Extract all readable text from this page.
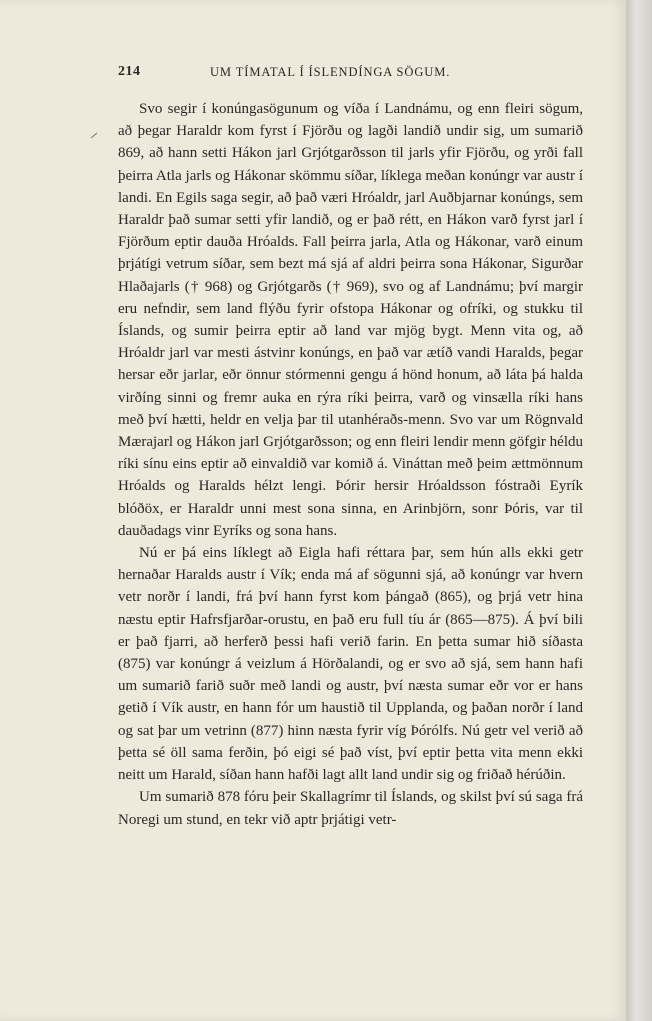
214	UM TÍMATAL Í ÍSLENDÍNGA SÖGUM.

Svo segir í konúngasögunum og víða í Landnámu, og enn fleiri sögum, að þegar Haraldr kom fyrst í Fjörðu og lagði landið undir sig, um sumarið 869, að hann setti Hákon jarl Grjótgarðsson til jarls yfir Fjörðu, og yrði fall þeirra Atla jarls og Hákonar skömmu síðar, líklega meðan konúngr var austr í landi. En Egils saga segir, að það væri Hróaldr, jarl Auðbjarnar konúngs, sem Haraldr það sumar setti yfir landið, og er það rétt, en Hákon varð fyrst jarl í Fjörðum eptir dauða Hróalds. Fall þeirra jarla, Atla og Hákonar, varð einum þrjátígi vetrum síðar, sem bezt má sjá af aldri þeirra sona Hákonar, Sigurðar Hlaðajarls († 968) og Grjótgarðs († 969), svo og af Landnámu; því margir eru nefndir, sem land flýðu fyrir ofstopa Hákonar og ofríki, og stukku til Íslands, og sumir þeirra eptir að land var mjög bygt. Menn vita og, að Hróaldr jarl var mesti ástvinr konúngs, en það var ætíð vandi Haralds, þegar hersar eðr jarlar, eðr önnur stórmenni gengu á hönd honum, að láta þá halda virðíng sinni og fremr auka en rýra ríki þeirra, varð og vinsælla ríki hans með því hætti, heldr en velja þar til utanhéraðs-menn. Svo var um Rögnvald Mærajarl og Hákon jarl Grjótgarðsson; og enn fleiri lendir menn göfgir héldu ríki sínu eins eptir að einvaldið var komið á. Vináttan með þeim ættmönnum Hróalds og Haralds hélzt lengi. Þórir hersir Hróaldsson fóstraði Eyrík blóðöx, er Haraldr unni mest sona sinna, en Arinbjörn, sonr Þóris, var til dauðadags vinr Eyríks og sona hans.

Nú er þá eins líklegt að Eigla hafi réttara þar, sem hún alls ekki getr hernaðar Haralds austr í Vík; enda má af sögunni sjá, að konúngr var hvern vetr norðr í landi, frá því hann fyrst kom þángað (865), og þrjá vetr hina næstu eptir Hafrsfjarðar-orustu, en það eru full tíu ár (865—875). Á því bili er það fjarri, að herferð þessi hafi verið farin. En þetta sumar hið síðasta (875) var konúngr á veizlum á Hörðalandi, og er svo að sjá, sem hann hafi um sumarið farið suðr með landi og austr, því næsta sumar eðr vor er hans getið í Vík austr, en hann fór um haustið til Upplanda, og þaðan norðr í land og sat þar um vetrinn (877) hinn næsta fyrir víg Þórólfs. Nú getr vel verið að þetta sé öll sama ferðin, þó eigi sé það víst, því eptir þetta vita menn ekki neitt um Harald, síðan hann hafði lagt allt land undir sig og friðað hérúðin.

Um sumarið 878 fóru þeir Skallagrímr til Íslands, og skilst því sú saga frá Noregi um stund, en tekr við aptr þrjátigi vetr-
